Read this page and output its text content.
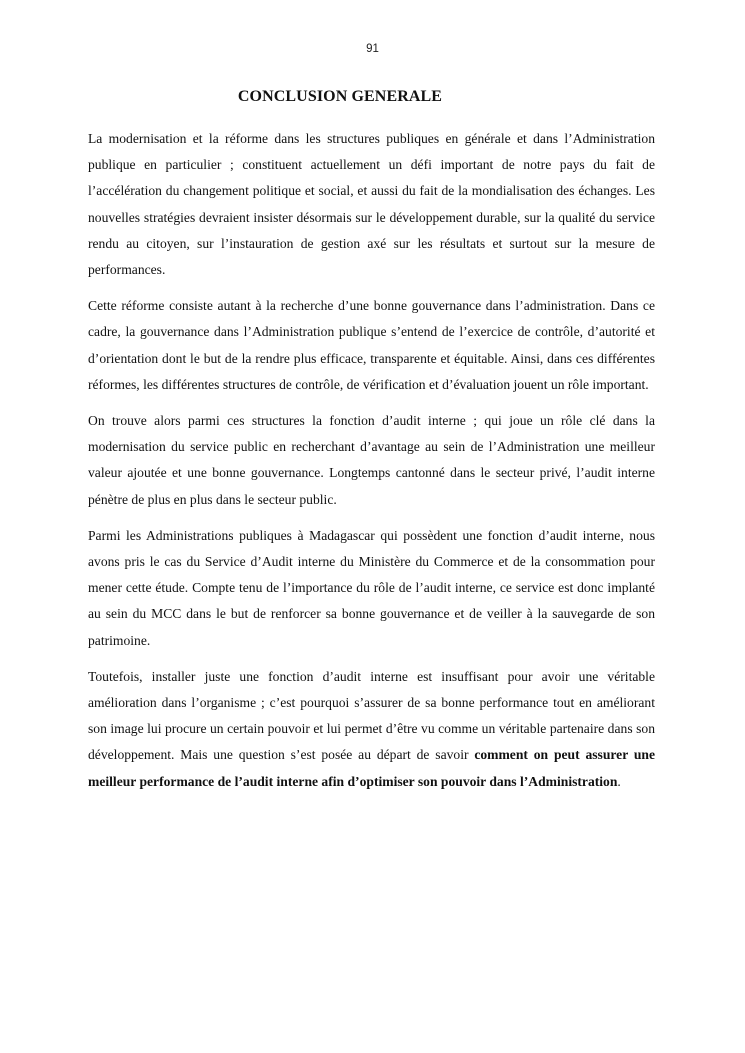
91

CONCLUSION GENERALE

La modernisation et la réforme dans les structures publiques en générale et dans l’Administration publique en particulier ; constituent actuellement un défi important de notre pays du fait de l’accélération du changement politique et social, et aussi du fait de la mondialisation des échanges. Les nouvelles stratégies devraient insister désormais sur le développement durable, sur la qualité du service rendu au citoyen, sur l’instauration de gestion axé sur les résultats et surtout sur la mesure de performances.

Cette réforme consiste autant à la recherche d’une bonne gouvernance dans l’administration. Dans ce cadre, la gouvernance dans l’Administration publique s’entend de l’exercice de contrôle, d’autorité et d’orientation dont le but de la rendre plus efficace, transparente et équitable. Ainsi, dans ces différentes réformes, les différentes structures de contrôle, de vérification et d’évaluation jouent un rôle important.

On trouve alors parmi ces structures la fonction d’audit interne ; qui joue un rôle clé dans la modernisation du service public en recherchant d’avantage au sein de l’Administration une meilleur valeur ajoutée et une bonne gouvernance. Longtemps cantonné dans le secteur privé, l’audit interne pénètre de plus en plus dans le secteur public.

Parmi les Administrations publiques à Madagascar qui possèdent une fonction d’audit interne, nous avons pris le cas du Service d’Audit interne du Ministère du Commerce et de la consommation pour mener cette étude. Compte tenu de l’importance du rôle de l’audit interne, ce service est donc implanté au sein du MCC dans le but de renforcer sa bonne gouvernance et de veiller à la sauvegarde de son patrimoine.

Toutefois, installer juste une fonction d’audit interne est insuffisant pour avoir une véritable amélioration dans l’organisme ; c’est pourquoi s’assurer de sa bonne performance tout en améliorant son image lui procure un certain pouvoir et lui permet d’être vu comme un véritable partenaire dans son développement. Mais une question s’est posée au départ de savoir comment on peut assurer une meilleur performance de l’audit interne afin d’optimiser son pouvoir dans l’Administration.
